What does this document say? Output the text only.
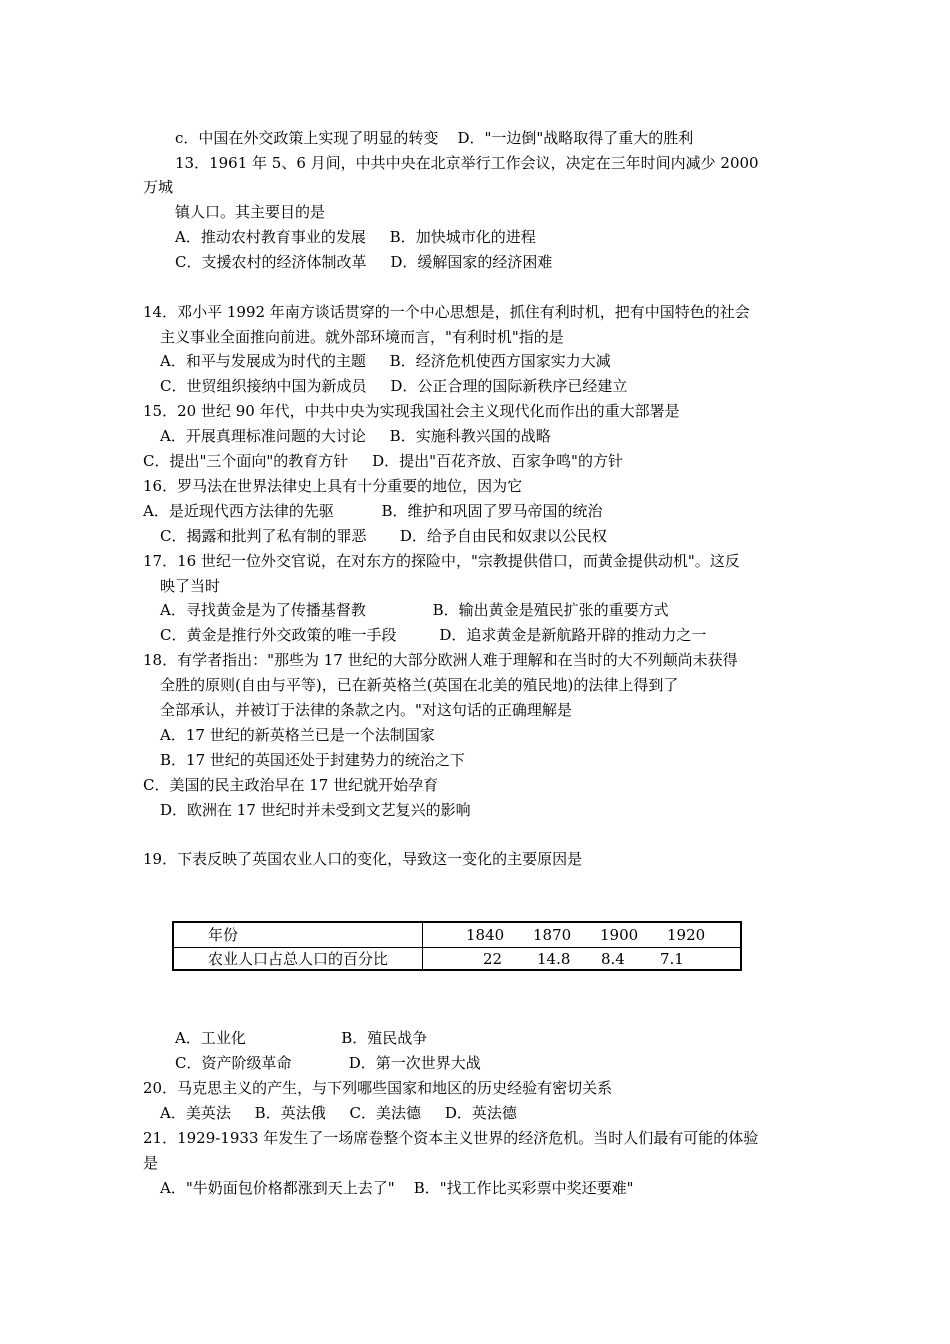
c．中国在外交政策上实现了明显的转变    D．"一边倒"战略取得了重大的胜利
13．1961 年 5、6 月间，中共中央在北京举行工作会议，决定在三年时间内减少 2000
万城
镇人口。其主要目的是
A．推动农村教育事业的发展     B．加快城市化的进程
C．支援农村的经济体制改革     D．缓解国家的经济困难
14．邓小平 1992 年南方谈话贯穿的一个中心思想是，抓住有利时机，把有中国特色的社会
主义事业全面推向前进。就外部环境而言，"有利时机"指的是
A．和平与发展成为时代的主题     B．经济危机使西方国家实力大减
C．世贸组织接纳中国为新成员     D．公正合理的国际新秩序已经建立
15．20 世纪 90 年代，中共中央为实现我国社会主义现代化而作出的重大部署是
A．开展真理标准问题的大讨论     B．实施科教兴国的战略
C．提出"三个面向"的教育方针     D．提出"百花齐放、百家争鸣"的方针
16．罗马法在世界法律史上具有十分重要的地位，因为它
A．是近现代西方法律的先驱          B．维护和巩固了罗马帝国的统治
C．揭露和批判了私有制的罪恶       D．给予自由民和奴隶以公民权
17．16 世纪一位外交官说，在对东方的探险中，"宗教提供借口，而黄金提供动机"。这反
映了当时
A．寻找黄金是为了传播基督教              B．输出黄金是殖民扩张的重要方式
C．黄金是推行外交政策的唯一手段         D．追求黄金是新航路开辟的推动力之一
18．有学者指出："那些为 17 世纪的大部分欧洲人难于理解和在当时的大不列颠尚未获得
全胜的原则(自由与平等)，已在新英格兰(英国在北美的殖民地)的法律上得到了
全部承认，并被订于法律的条款之内。"对这句话的正确理解是
A．17 世纪的新英格兰已是一个法制国家
B．17 世纪的英国还处于封建势力的统治之下
C．美国的民主政治早在 17 世纪就开始孕育
D．欧洲在 17 世纪时并未受到文艺复兴的影响
19．下表反映了英国农业人口的变化，导致这一变化的主要原因是
年份	1840 1870 1900 1920
农业人口占总人口的百分比	22 14.8 8.4 7.1
A．工业化                    B．殖民战争
C．资产阶级革命            D．第一次世界大战
20．马克思主义的产生，与下列哪些国家和地区的历史经验有密切关系
A．美英法     B．英法俄     C．美法德     D．英法德
21．1929-1933 年发生了一场席卷整个资本主义世界的经济危机。当时人们最有可能的体验
是
A．"牛奶面包价格都涨到天上去了"    B．"找工作比买彩票中奖还要难"
